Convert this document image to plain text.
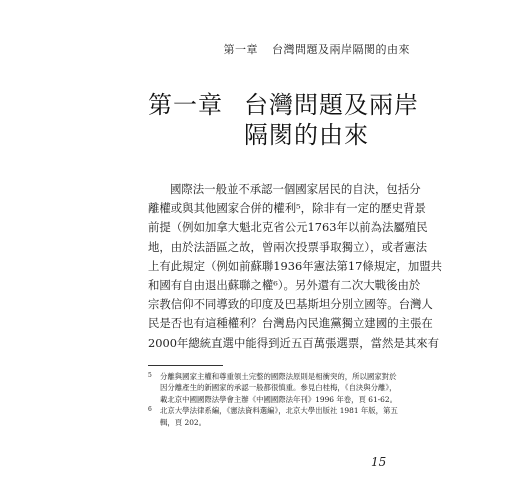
第一章 台灣問題及兩岸隔閡的由來
第一章 台灣問題及兩岸
隔閡的由來
國際法一般並不承認一個國家居民的自決，包括分
離權或與其他國家合併的權利⁵，除非有一定的歷史背景
前提（例如加拿大魁北克省公元1763年以前為法屬殖民
地，由於法語區之故，曾兩次投票爭取獨立），或者憲法
上有此規定（例如前蘇聯1936年憲法第17條規定，加盟共
和國有自由退出蘇聯之權⁶）。另外還有二次大戰後由於
宗教信仰不同導致的印度及巴基斯坦分別立國等。台灣人
民是否也有這種權利？台灣島內民進黨獨立建國的主張在
2000年總統直選中能得到近五百萬張選票，當然是其來有
5	分離與國家主權和尊重領土完整的國際法原則是相衝突的，所以國家對於
因分離產生的新國家的承認一般都很慎重。參見白桂梅，《自決與分離》，
載北京中國國際法學會主辦《中國國際法年刊》1996 年卷，頁 61-62。
6	北京大學法律系編，《憲法資料選編》，北京大學出版社 1981 年版，第五
輯，頁 202。
15
